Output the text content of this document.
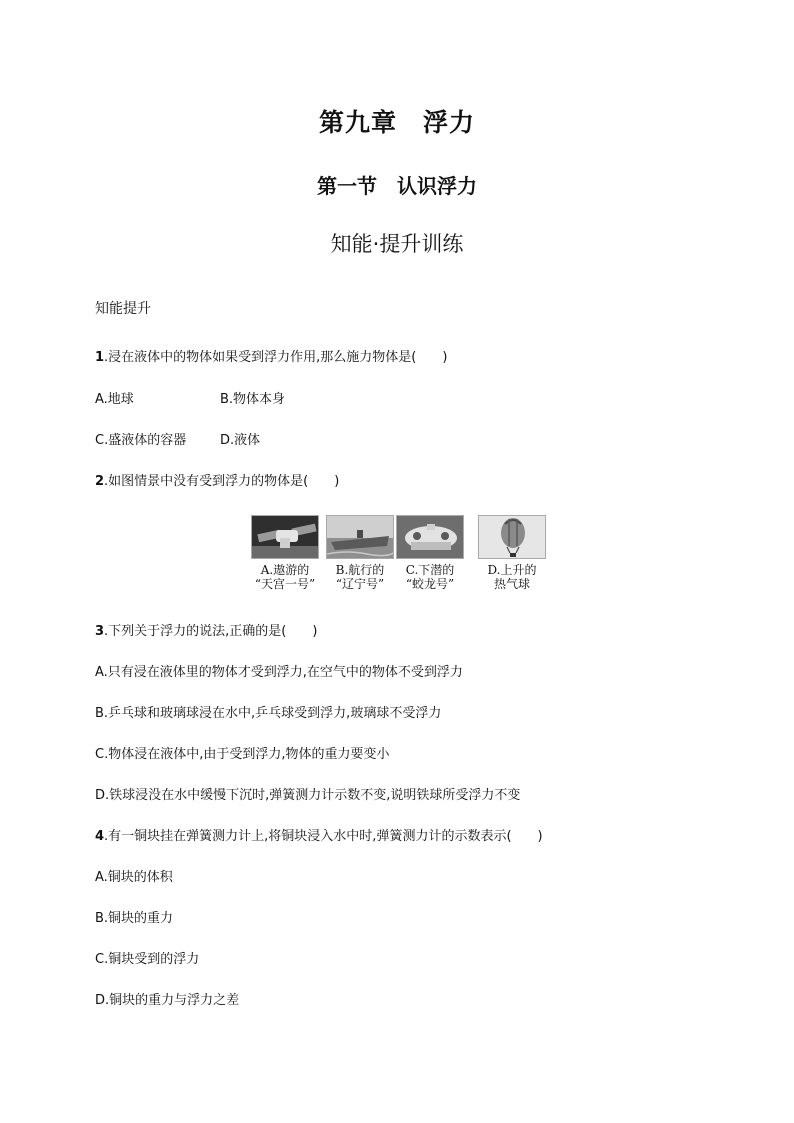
第九章　浮力
第一节　认识浮力
知能·提升训练
知能提升
1.浸在液体中的物体如果受到浮力作用,那么施力物体是(　　)
A.地球	B.物体本身
C.盛液体的容器	D.液体
2.如图情景中没有受到浮力的物体是(　　)
A.遨游的
“天宫一号”
B.航行的
“辽宁号”
C.下潜的
“蛟龙号”
D.上升的
热气球
3.下列关于浮力的说法,正确的是(　　)
A.只有浸在液体里的物体才受到浮力,在空气中的物体不受到浮力
B.乒乓球和玻璃球浸在水中,乒乓球受到浮力,玻璃球不受浮力
C.物体浸在液体中,由于受到浮力,物体的重力要变小
D.铁球浸没在水中缓慢下沉时,弹簧测力计示数不变,说明铁球所受浮力不变
4.有一铜块挂在弹簧测力计上,将铜块浸入水中时,弹簧测力计的示数表示(　　)
A.铜块的体积
B.铜块的重力
C.铜块受到的浮力
D.铜块的重力与浮力之差
